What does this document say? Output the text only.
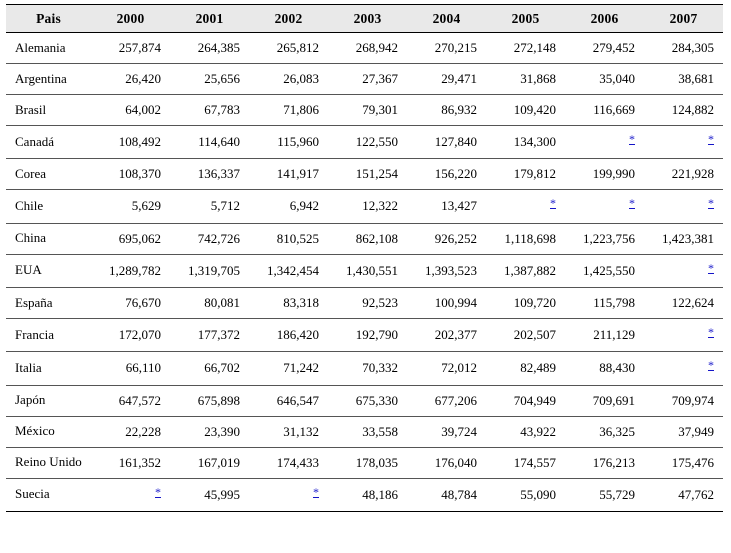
Pais	2000	2001	2002	2003	2004	2005	2006	2007
Alemania	257,874	264,385	265,812	268,942	270,215	272,148	279,452	284,305
Argentina	26,420	25,656	26,083	27,367	29,471	31,868	35,040	38,681
Brasil	64,002	67,783	71,806	79,301	86,932	109,420	116,669	124,882
Canadá	108,492	114,640	115,960	122,550	127,840	134,300	*	*
Corea	108,370	136,337	141,917	151,254	156,220	179,812	199,990	221,928
Chile	5,629	5,712	6,942	12,322	13,427	*	*	*
China	695,062	742,726	810,525	862,108	926,252	1,118,698	1,223,756	1,423,381
EUA	1,289,782	1,319,705	1,342,454	1,430,551	1,393,523	1,387,882	1,425,550	*
España	76,670	80,081	83,318	92,523	100,994	109,720	115,798	122,624
Francia	172,070	177,372	186,420	192,790	202,377	202,507	211,129	*
Italia	66,110	66,702	71,242	70,332	72,012	82,489	88,430	*
Japón	647,572	675,898	646,547	675,330	677,206	704,949	709,691	709,974
México	22,228	23,390	31,132	33,558	39,724	43,922	36,325	37,949
Reino Unido	161,352	167,019	174,433	178,035	176,040	174,557	176,213	175,476
Suecia	*	45,995	*	48,186	48,784	55,090	55,729	47,762
